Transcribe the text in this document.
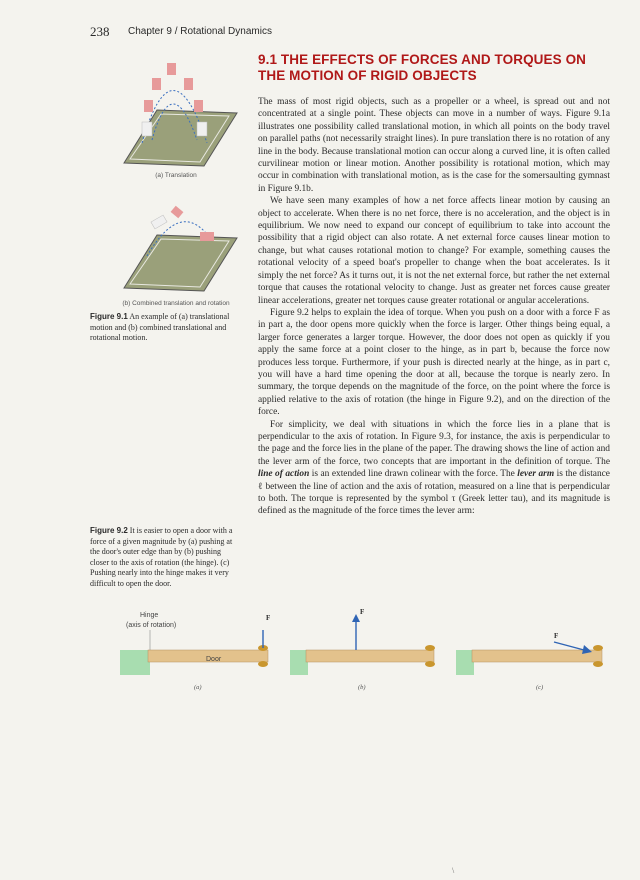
238 Chapter 9 / Rotational Dynamics
9.1 THE EFFECTS OF FORCES AND TORQUES ON THE MOTION OF RIGID OBJECTS

The mass of most rigid objects, such as a propeller or a wheel, is spread out and not concentrated at a single point. These objects can move in a number of ways. Figure 9.1a illustrates one possibility called translational motion, in which all points on the body travel on parallel paths (not necessarily straight lines). In pure translation there is no rotation of any line in the body. Because translational motion can occur along a curved line, it is often called curvilinear motion or linear motion. Another possibility is rotational motion, which may occur in combination with translational motion, as is the case for the somersaulting gymnast in Figure 9.1b.

We have seen many examples of how a net force affects linear motion by causing an object to accelerate. When there is no net force, there is no acceleration, and the object is in equilibrium. We now need to expand our concept of equilibrium to take into account the possibility that a rigid object can also rotate. A net external force causes linear motion to change, but what causes rotational motion to change? For example, something causes the rotational velocity of a speed boat's propeller to change when the boat accelerates. Is it simply the net force? As it turns out, it is not the net external force, but rather the net external torque that causes the rotational velocity to change. Just as greater net forces cause greater linear accelerations, greater net torques cause greater rotational or angular accelerations.

Figure 9.2 helps to explain the idea of torque. When you push on a door with a force F as in part a, the door opens more quickly when the force is larger. Other things being equal, a larger force generates a larger torque. However, the door does not open as quickly if you apply the same force at a point closer to the hinge, as in part b, because the force now produces less torque. Furthermore, if your push is directed nearly at the hinge, as in part c, you will have a hard time opening the door at all, because the torque is nearly zero. In summary, the torque depends on the magnitude of the force, on the point where the force is applied relative to the axis of rotation (the hinge in Figure 9.2), and on the direction of the force.

For simplicity, we deal with situations in which the force lies in a plane that is perpendicular to the axis of rotation. In Figure 9.3, for instance, the axis is perpendicular to the page and the force lies in the plane of the paper. The drawing shows the line of action and the lever arm of the force, two concepts that are important in the definition of torque. The line of action is an extended line drawn colinear with the force. The lever arm is the distance ℓ between the line of action and the axis of rotation, measured on a line that is perpendicular to both. The torque is represented by the symbol τ (Greek letter tau), and its magnitude is defined as the magnitude of the force times the lever arm:

(a) Translation
(b) Combined translation and rotation
Figure 9.1 An example of (a) translational motion and (b) combined translational and rotational motion.
Figure 9.2 It is easier to open a door with a force of a given magnitude by (a) pushing at the door's outer edge than by (b) pushing closer to the axis of rotation (the hinge). (c) Pushing nearly into the hinge makes it very difficult to open the door.
Hinge
(axis of rotation)
Door
F
(a)
F
(b)
F
(c)
\
